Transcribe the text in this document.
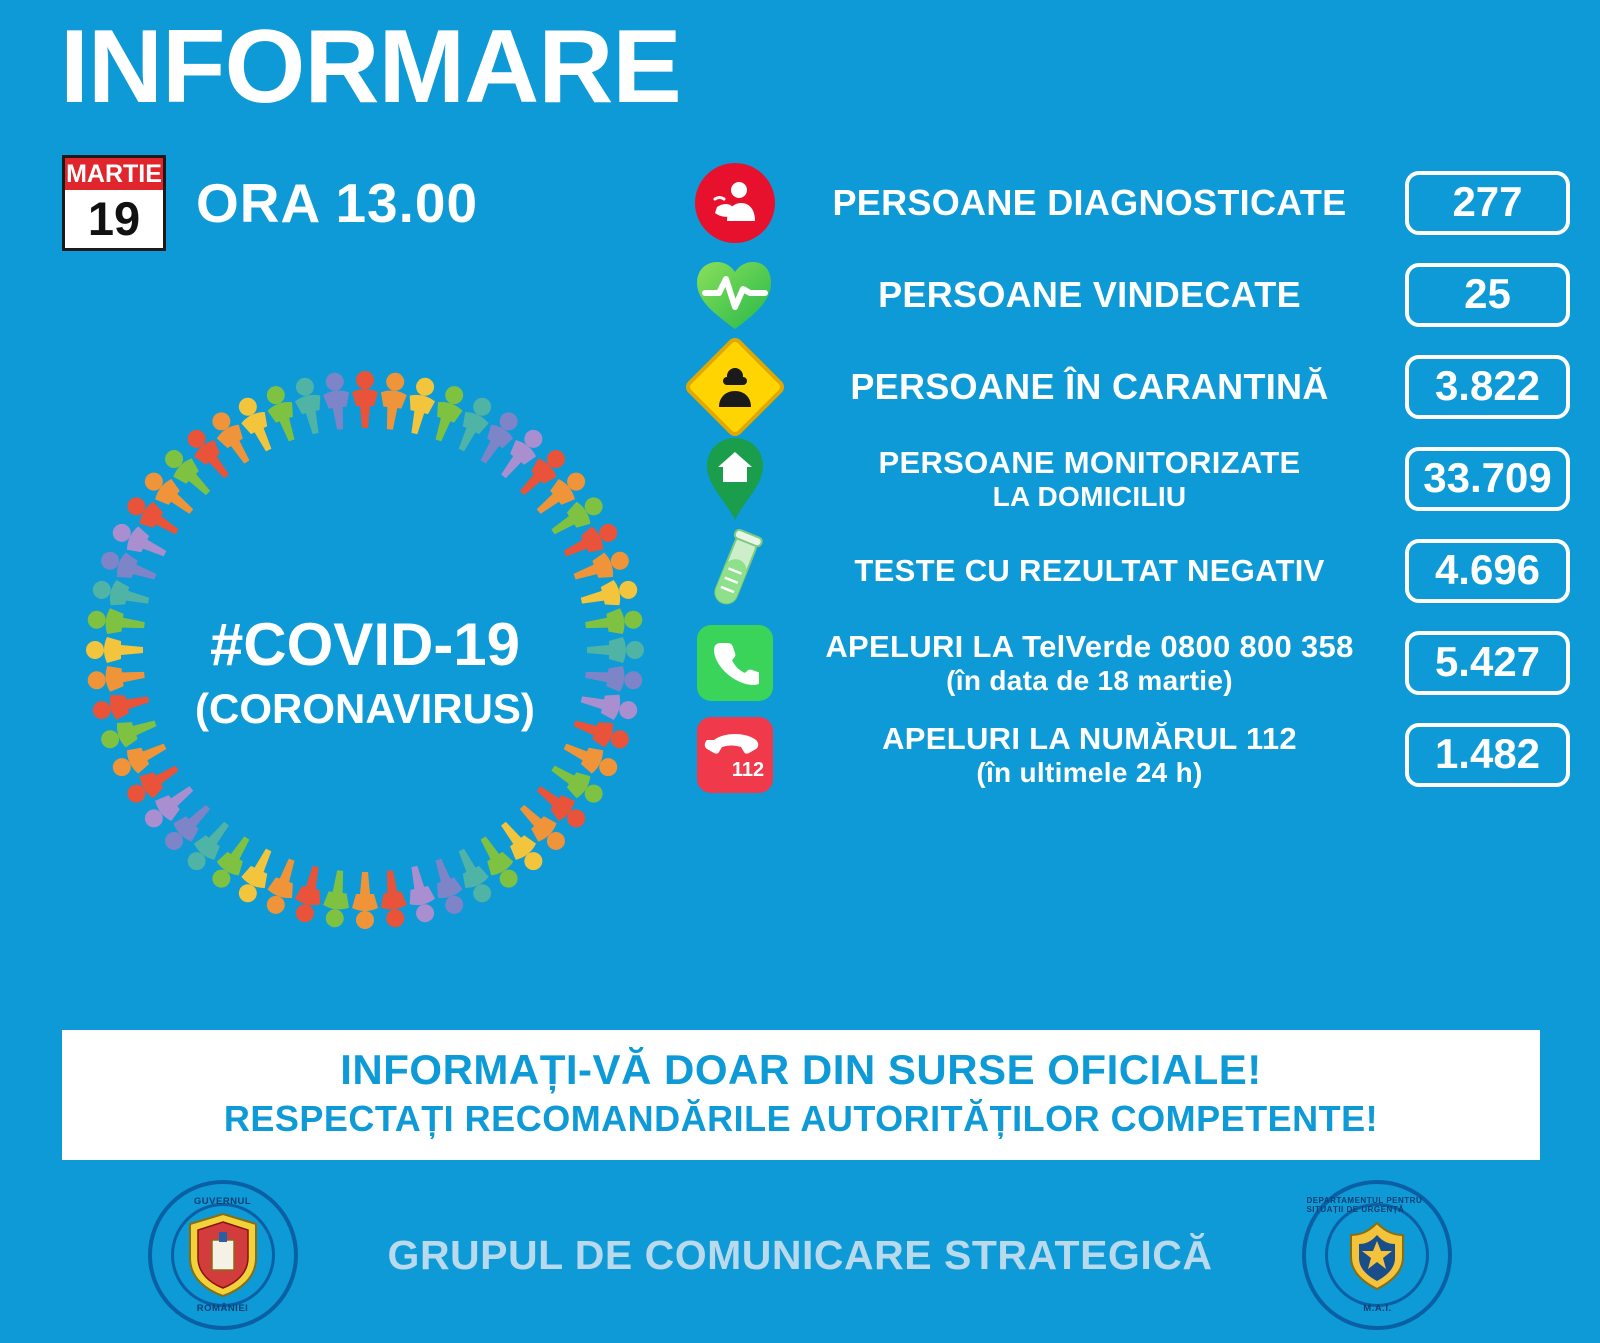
INFORMARE
MARTIE
19	ORA 13.00
#COVID-19
(CORONAVIRUS)
PERSOANE DIAGNOSTICATE	277
PERSOANE VINDECATE	25
PERSOANE ÎN CARANTINĂ	3.822
PERSOANE MONITORIZATE
LA DOMICILIU	33.709
TESTE CU REZULTAT NEGATIV	4.696
APELURI LA TelVerde 0800 800 358
(în data de 18 martie)	5.427
112
APELURI LA NUMĂRUL 112
(în ultimele 24 h)	1.482
INFORMAȚI-VĂ DOAR DIN SURSE OFICIALE!
RESPECTAȚI RECOMANDĂRILE AUTORITĂȚILOR COMPETENTE!
GUVERNUL
ROMÂNIEI
GRUPUL DE COMUNICARE STRATEGICĂ
DEPARTAMENTUL PENTRU SITUAȚII DE URGENȚĂ
M.A.I.
